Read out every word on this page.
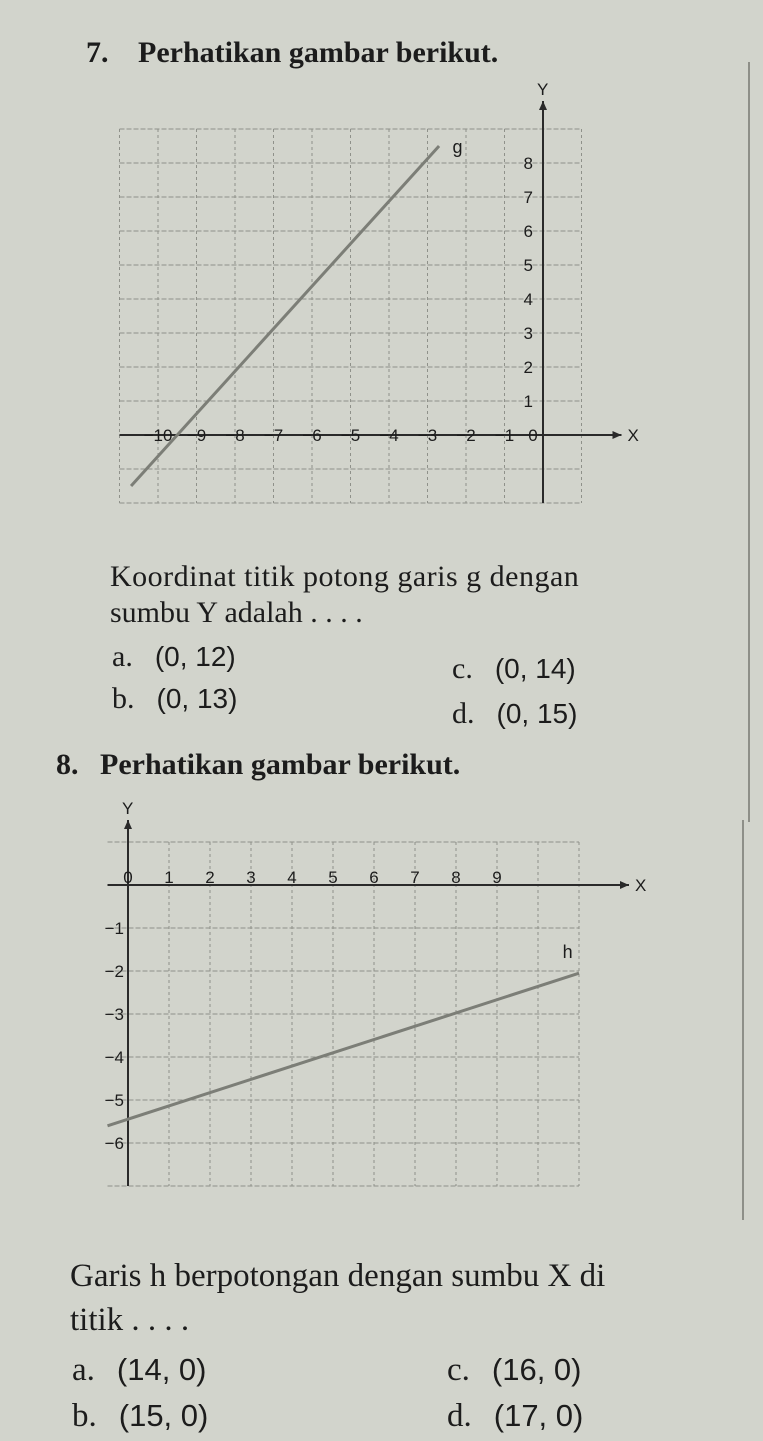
7. Perhatikan gambar berikut.
X
Y
−10 −9 −8 −7 −6 −5 −4 −3 −2 −1 0
1
2
3
4
5
6
7
8
g
Koordinat titik potong garis g dengan
sumbu Y adalah . . . .
a. (0, 12)
b. (0, 13)
c. (0, 14)
d. (0, 15)
8. Perhatikan gambar berikut.
X
Y
0 1 2 3 4 5 6 7 8 9
−1
−2
−3
−4
−5
−6
h
Garis h berpotongan dengan sumbu X di
titik . . . .
a. (14, 0)
b. (15, 0)
c. (16, 0)
d. (17, 0)
